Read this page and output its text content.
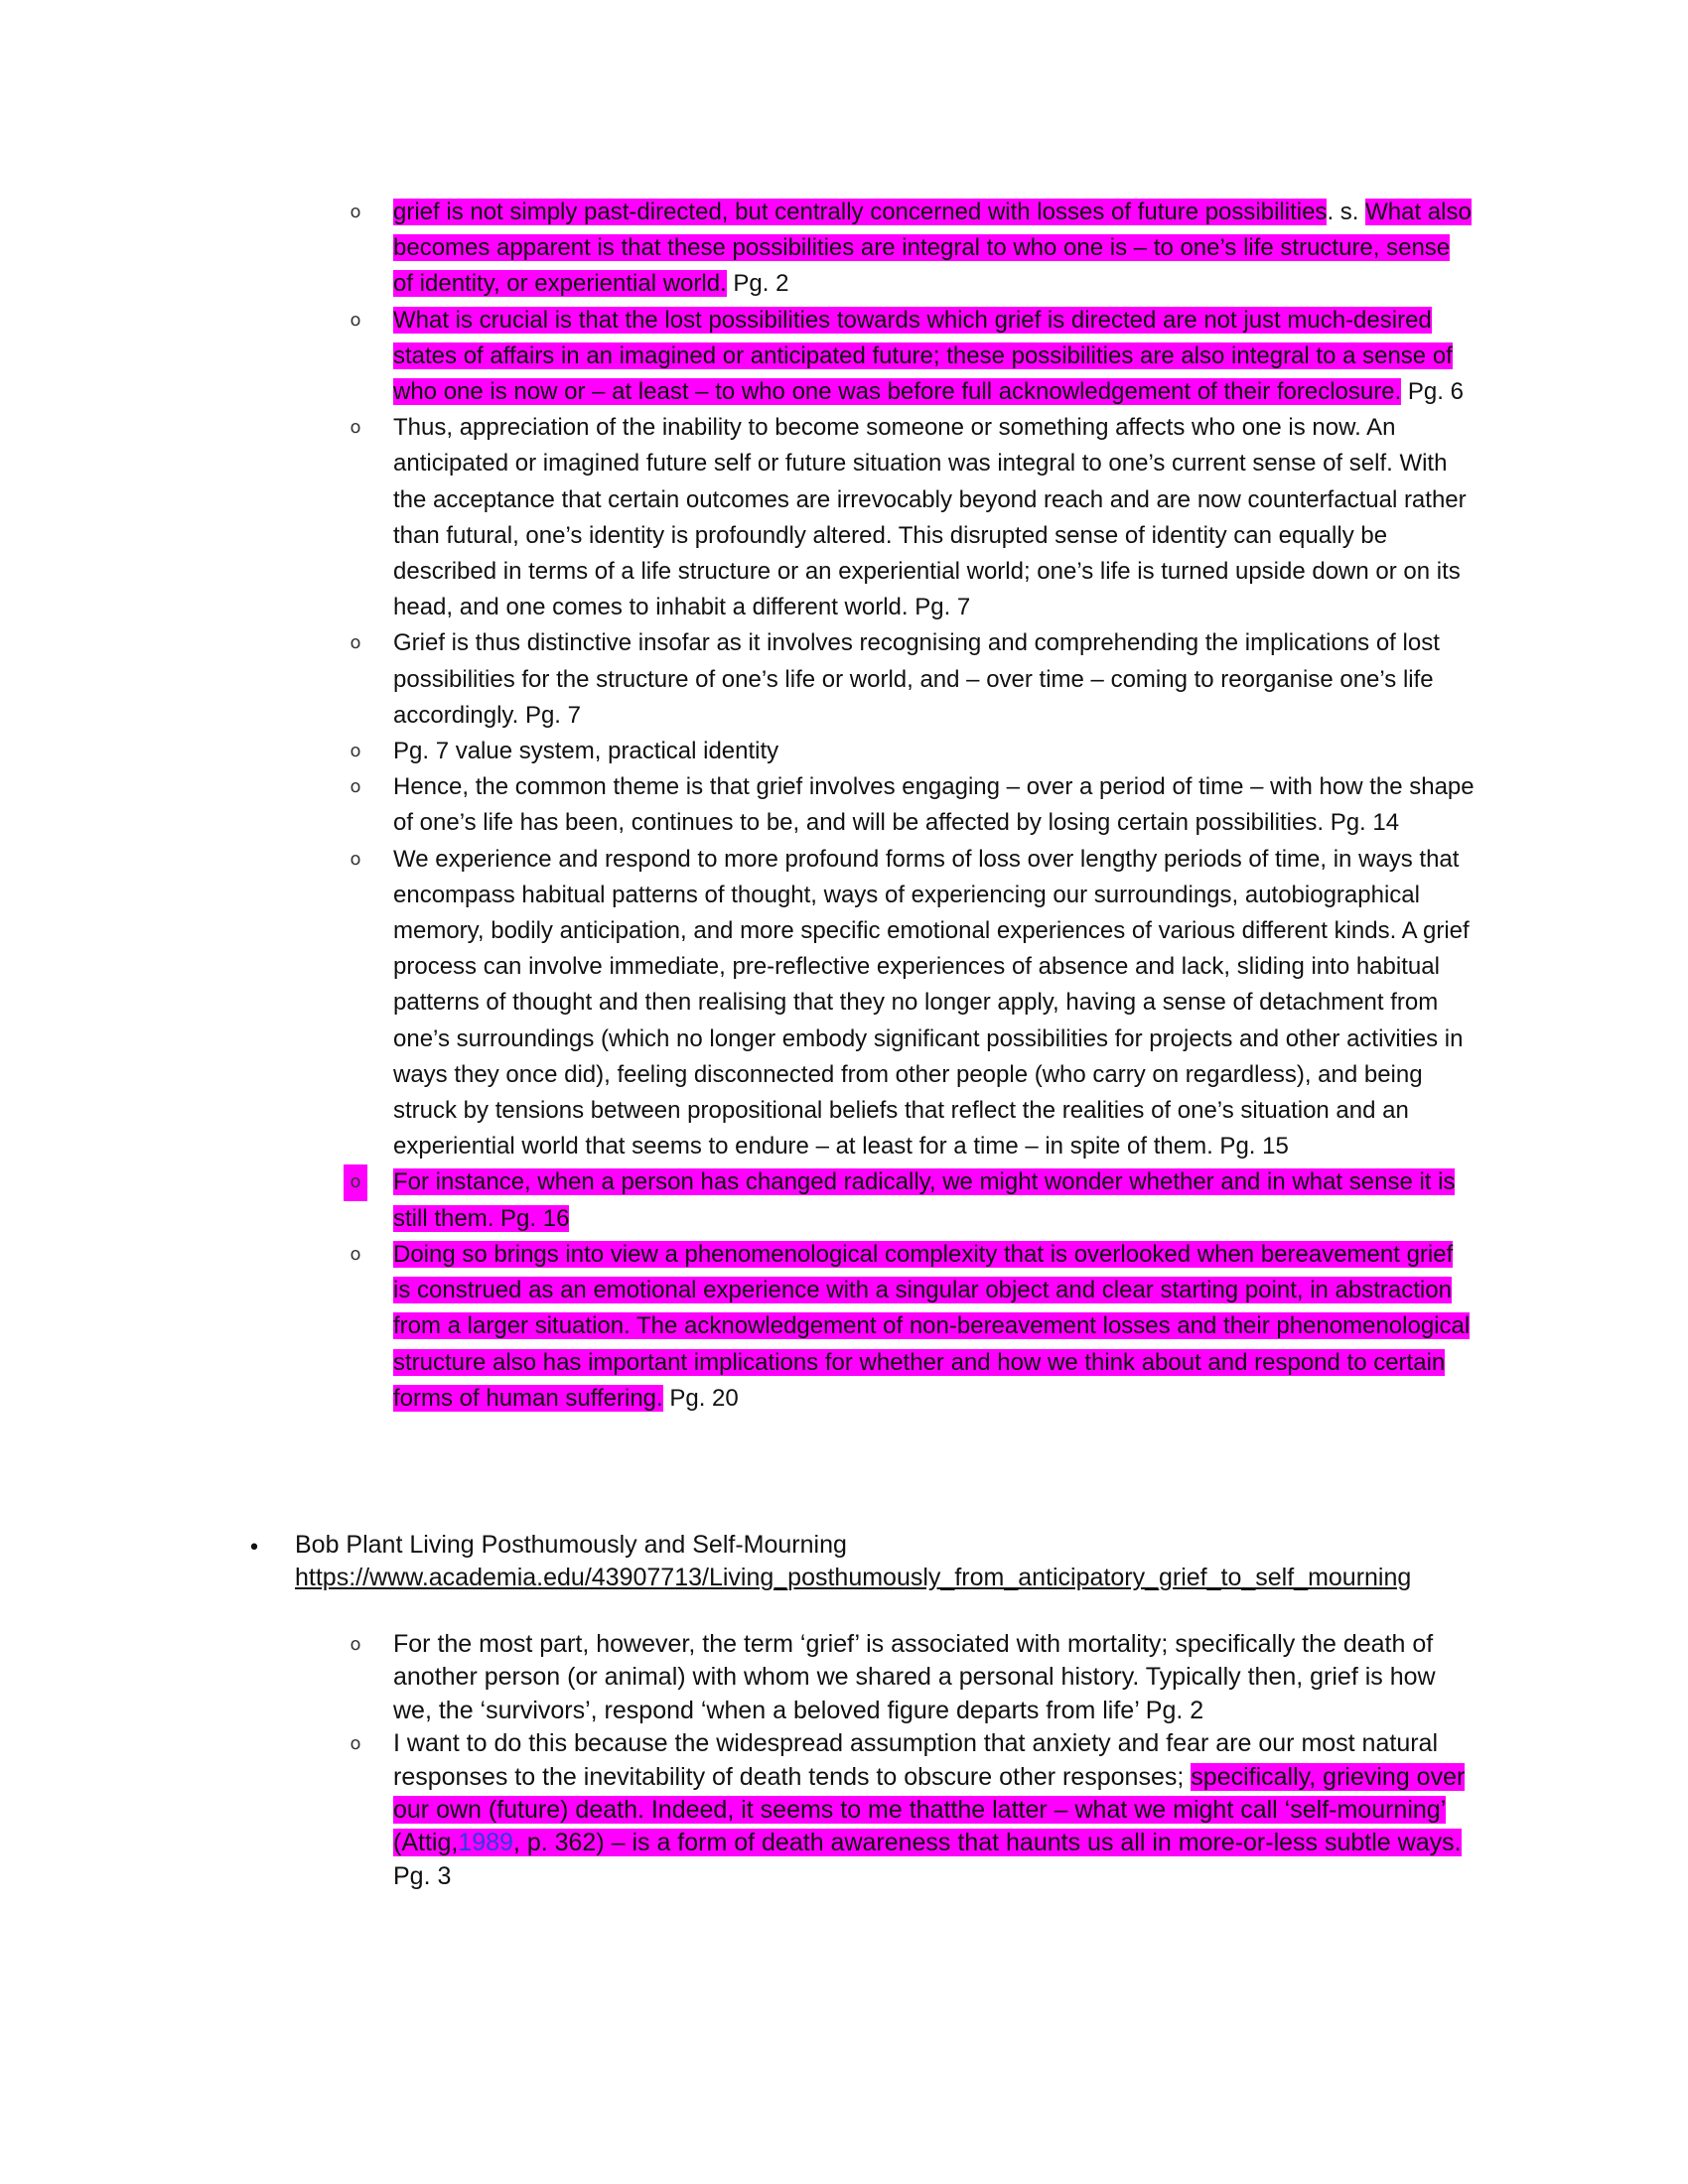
o grief is not simply past-directed, but centrally concerned with losses of future possibilities. s. What also becomes apparent is that these possibilities are integral to who one is – to one’s life structure, sense of identity, or experiential world. Pg. 2
o What is crucial is that the lost possibilities towards which grief is directed are not just much-desired states of affairs in an imagined or anticipated future; these possibilities are also integral to a sense of who one is now or – at least – to who one was before full acknowledgement of their foreclosure. Pg. 6
o Thus, appreciation of the inability to become someone or something affects who one is now. An anticipated or imagined future self or future situation was integral to one’s current sense of self. With the acceptance that certain outcomes are irrevocably beyond reach and are now counterfactual rather than futural, one’s identity is profoundly altered. This disrupted sense of identity can equally be described in terms of a life structure or an experiential world; one’s life is turned upside down or on its head, and one comes to inhabit a different world. Pg. 7
o Grief is thus distinctive insofar as it involves recognising and comprehending the implications of lost possibilities for the structure of one’s life or world, and – over time – coming to reorganise one’s life accordingly. Pg. 7
o Pg. 7 value system, practical identity
o Hence, the common theme is that grief involves engaging – over a period of time – with how the shape of one’s life has been, continues to be, and will be affected by losing certain possibilities. Pg. 14
o We experience and respond to more profound forms of loss over lengthy periods of time, in ways that encompass habitual patterns of thought, ways of experiencing our surroundings, autobiographical memory, bodily anticipation, and more specific emotional experiences of various different kinds. A grief process can involve immediate, pre-reflective experiences of absence and lack, sliding into habitual patterns of thought and then realising that they no longer apply, having a sense of detachment from one’s surroundings (which no longer embody significant possibilities for projects and other activities in ways they once did), feeling disconnected from other people (who carry on regardless), and being struck by tensions between propositional beliefs that reflect the realities of one’s situation and an experiential world that seems to endure – at least for a time – in spite of them. Pg. 15
o For instance, when a person has changed radically, we might wonder whether and in what sense it is still them. Pg. 16
o Doing so brings into view a phenomenological complexity that is overlooked when bereavement grief is construed as an emotional experience with a singular object and clear starting point, in abstraction from a larger situation. The acknowledgement of non-bereavement losses and their phenomenological structure also has important implications for whether and how we think about and respond to certain forms of human suffering. Pg. 20
• Bob Plant Living Posthumously and Self-Mourning
https://www.academia.edu/43907713/Living_posthumously_from_anticipatory_grief_to_self_mourning
o For the most part, however, the term ‘grief’ is associated with mortality; specifically the death of another person (or animal) with whom we shared a personal history. Typically then, grief is how we, the ‘survivors’, respond ‘when a beloved figure departs from life’ Pg. 2
o I want to do this because the widespread assumption that anxiety and fear are our most natural responses to the inevitability of death tends to obscure other responses; specifically, grieving over our own (future) death. Indeed, it seems to me thatthe latter – what we might call ‘self-mourning’ (Attig,1989, p. 362) – is a form of death awareness that haunts us all in more-or-less subtle ways. Pg. 3
